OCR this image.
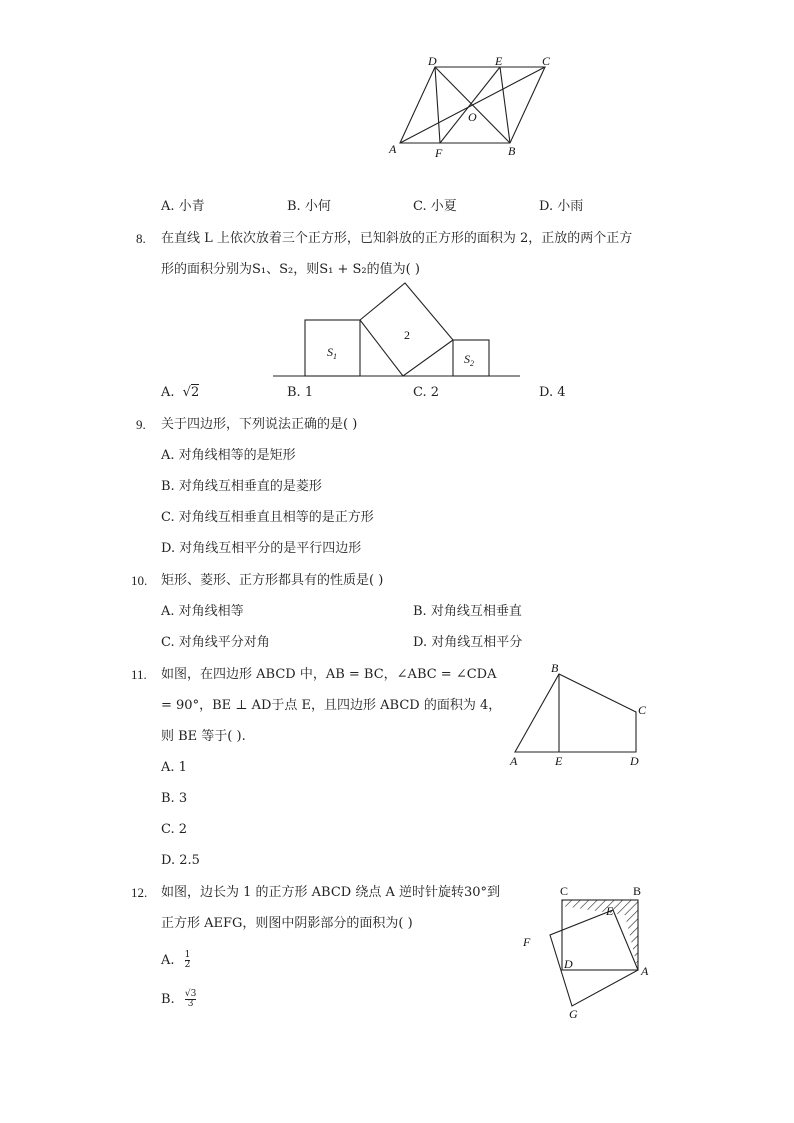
D	E	C
O
A	F	B
A. 小青	B. 小何	C. 小夏	D. 小雨
8. 在直线 L 上依次放着三个正方形，已知斜放的正方形的面积为 2，正放的两个正方
形的面积分别为S₁、S₂，则S₁ + S₂的值为( )
$S_1$
2
$S_2$
A. √2	B. 1	C. 2	D. 4
9. 关于四边形，下列说法正确的是( )
A. 对角线相等的是矩形
B. 对角线互相垂直的是菱形
C. 对角线互相垂直且相等的是正方形
D. 对角线互相平分的是平行四边形
10. 矩形、菱形、正方形都具有的性质是( )
A. 对角线相等	B. 对角线互相垂直
C. 对角线平分对角	D. 对角线互相平分
11. 如图，在四边形 ABCD 中，AB = BC，∠ABC = ∠CDA
= 90°，BE ⊥ AD于点 E，且四边形 ABCD 的面积为 4，
则 BE 等于( ).
A. 1
B. 3
C. 2
D. 2.5
B
C
A	E	D
12. 如图，边长为 1 的正方形 ABCD 绕点 A 逆时针旋转30°到
正方形 AEFG，则图中阴影部分的面积为( )
A. $\frac{1}{2}$
B. $\frac{√3}{3}$
C	B
E
F
D	A
G
